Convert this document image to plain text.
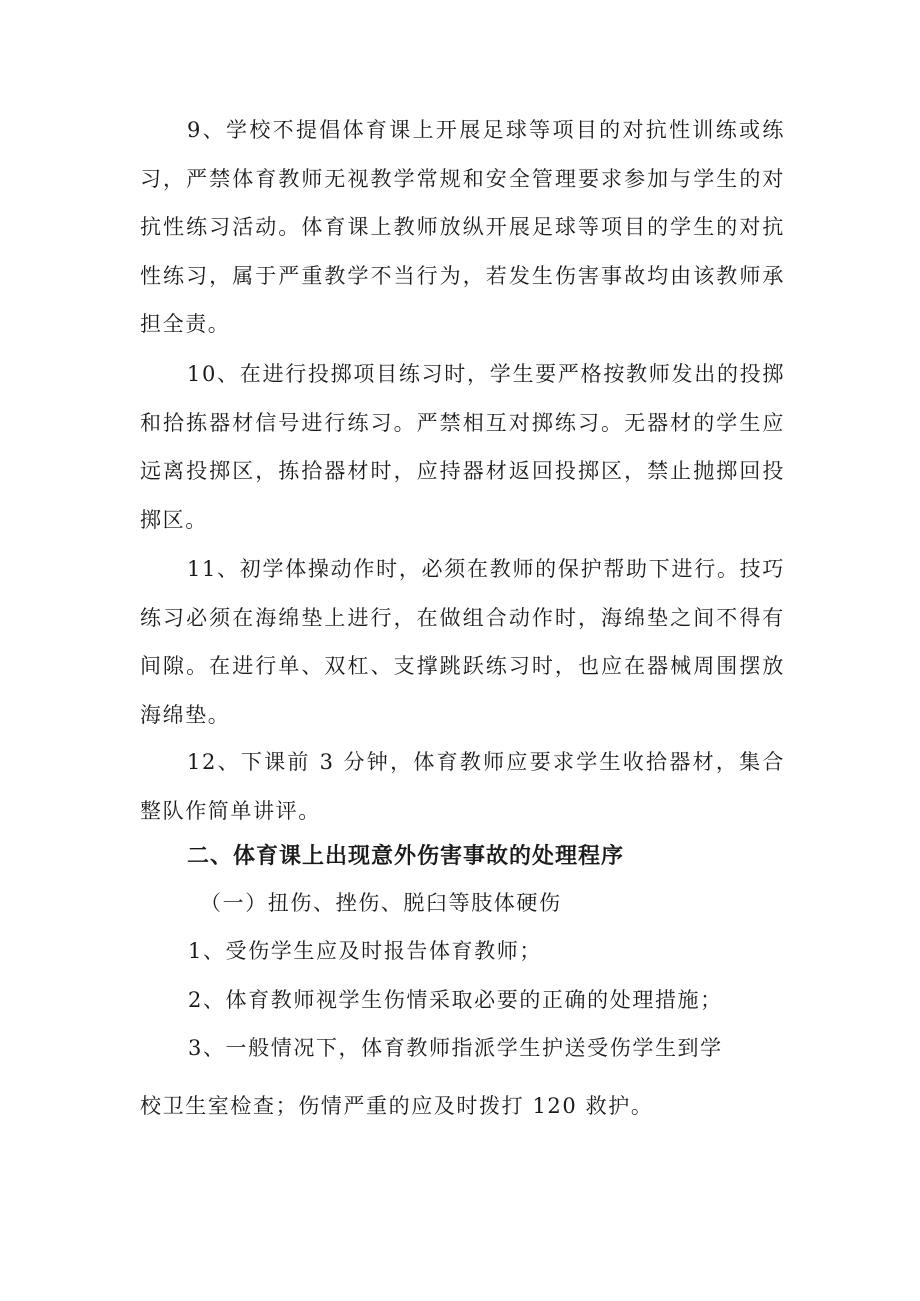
9、学校不提倡体育课上开展足球等项目的对抗性训练或练习，严禁体育教师无视教学常规和安全管理要求参加与学生的对抗性练习活动。体育课上教师放纵开展足球等项目的学生的对抗性练习，属于严重教学不当行为，若发生伤害事故均由该教师承担全责。

10、在进行投掷项目练习时，学生要严格按教师发出的投掷和拾拣器材信号进行练习。严禁相互对掷练习。无器材的学生应远离投掷区，拣拾器材时，应持器材返回投掷区，禁止抛掷回投掷区。

11、初学体操动作时，必须在教师的保护帮助下进行。技巧练习必须在海绵垫上进行，在做组合动作时，海绵垫之间不得有间隙。在进行单、双杠、支撑跳跃练习时，也应在器械周围摆放海绵垫。

12、下课前 3 分钟，体育教师应要求学生收拾器材，集合整队作简单讲评。

二、体育课上出现意外伤害事故的处理程序

（一）扭伤、挫伤、脱臼等肢体硬伤

1、受伤学生应及时报告体育教师；

2、体育教师视学生伤情采取必要的正确的处理措施；

3、一般情况下，体育教师指派学生护送受伤学生到学

校卫生室检查；伤情严重的应及时拨打 120 救护。
